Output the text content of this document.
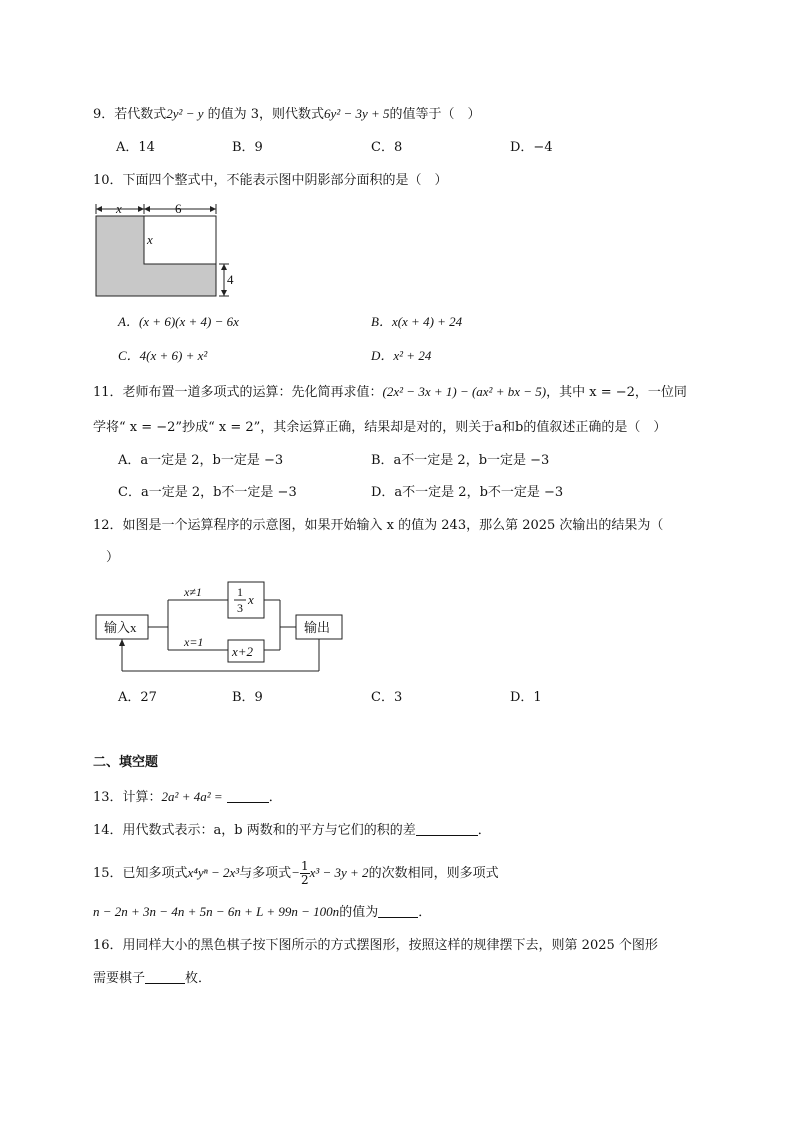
9．若代数式2y² − y 的值为 3，则代数式6y² − 3y + 5的值等于（　）
A．14	B．9	C．8	D．−4
10．下面四个整式中，不能表示图中阴影部分面积的是（　）
x	6
x
4
A．(x + 6)(x + 4) − 6x	B．x(x + 4) + 24
C．4(x + 6) + x²	D．x² + 24
11．老师布置一道多项式的运算：先化简再求值：(2x² − 3x + 1) − (ax² + bx − 5)，其中 x = −2，一位同
学将“ x = −2”抄成“ x = 2”，其余运算正确，结果却是对的，则关于a和b的值叙述正确的是（　）
A．a一定是 2，b一定是 −3	B．a不一定是 2，b一定是 −3
C．a一定是 2，b不一定是 −3	D．a不一定是 2，b不一定是 −3
12．如图是一个运算程序的示意图，如果开始输入 x 的值为 243，那么第 2025 次输出的结果为（
）
输入x	输出
1
3
x
x+2
x≠1
x=1
A．27	B．9	C．3	D．1
二、填空题
13．计算：2a² + 4a² =	．
14．用代数式表示：a，b 两数和的平方与它们的积的差	．
15．已知多项式x⁴yⁿ − 2x³与多项式− $\frac{1}{2} x^3 - 3y + 2$的次数相同，则多项式
n − 2n + 3n − 4n + 5n − 6n + L + 99n − 100n的值为	．
16．用同样大小的黑色棋子按下图所示的方式摆图形，按照这样的规律摆下去，则第 2025 个图形
需要棋子	枚．
